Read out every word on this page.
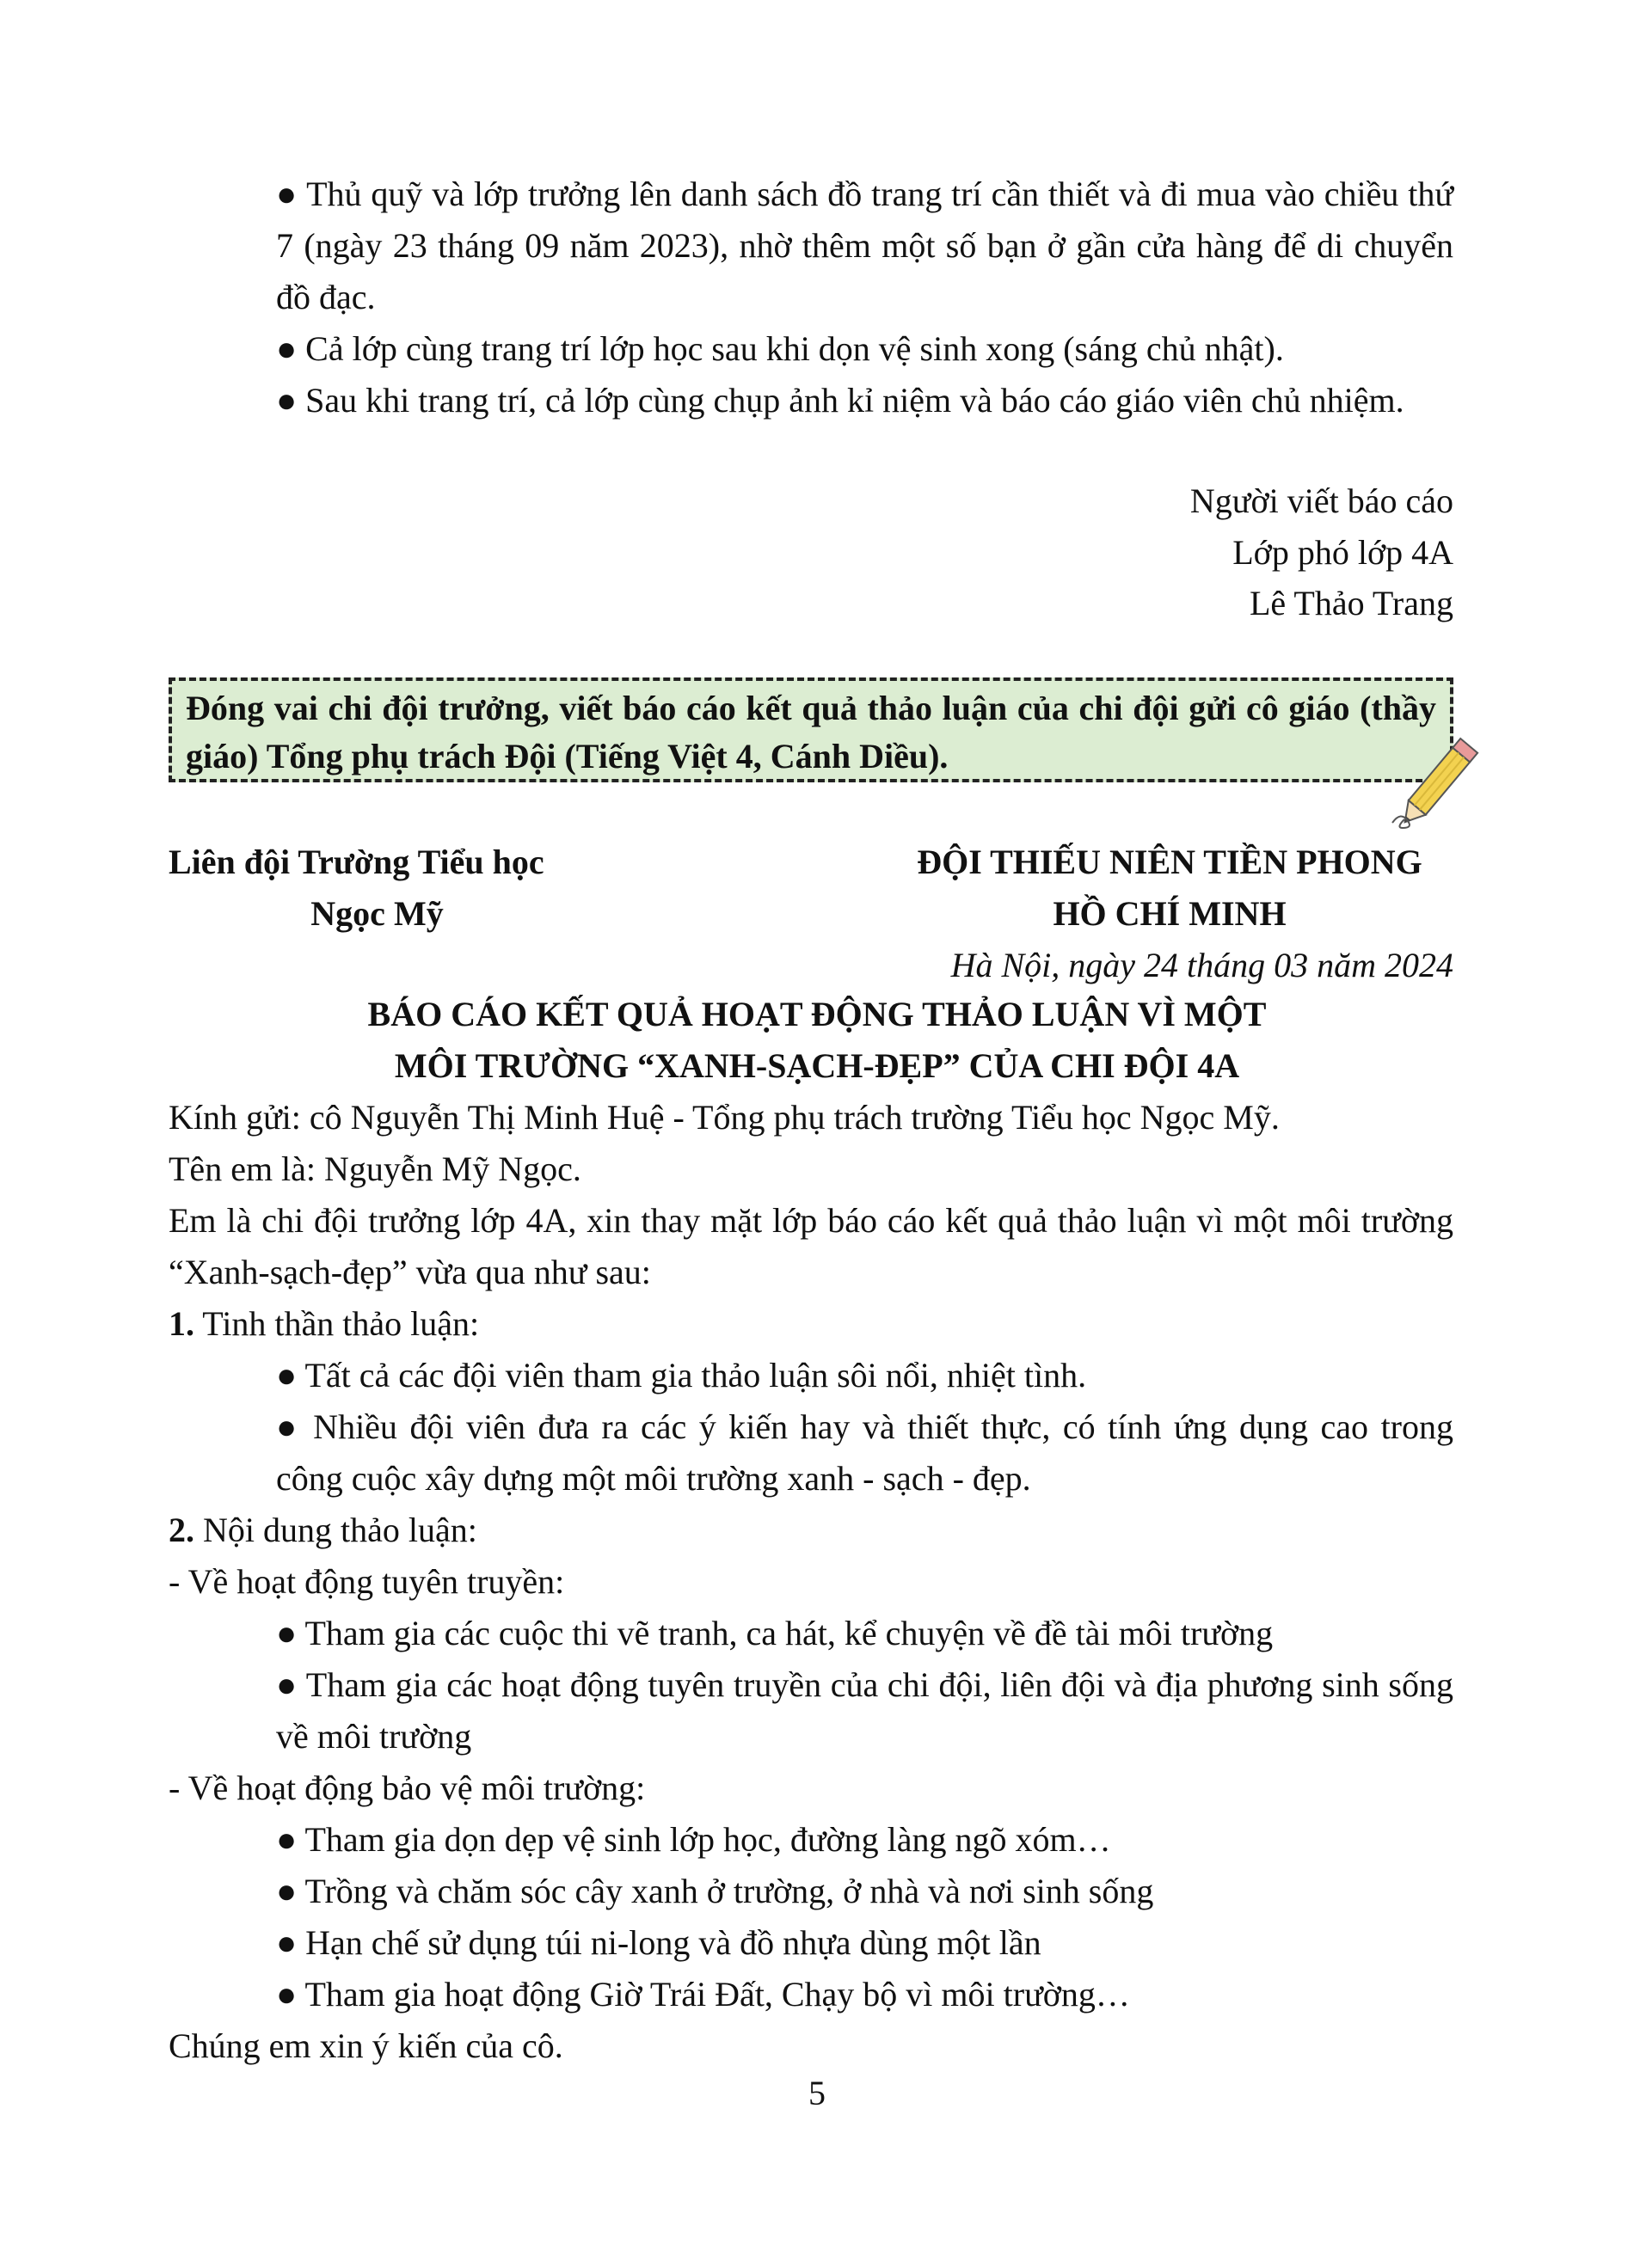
● Thủ quỹ và lớp trưởng lên danh sách đồ trang trí cần thiết và đi mua vào chiều thứ 7 (ngày 23 tháng 09 năm 2023), nhờ thêm một số bạn ở gần cửa hàng để di chuyển đồ đạc.
● Cả lớp cùng trang trí lớp học sau khi dọn vệ sinh xong (sáng chủ nhật).
● Sau khi trang trí, cả lớp cùng chụp ảnh kỉ niệm và báo cáo giáo viên chủ nhiệm.
Người viết báo cáo
Lớp phó lớp 4A
Lê Thảo Trang
Đóng vai chi đội trưởng, viết báo cáo kết quả thảo luận của chi đội gửi cô giáo (thầy giáo) Tổng phụ trách Đội (Tiếng Việt 4, Cánh Diều).
Liên đội Trường Tiểu học
Ngọc Mỹ
ĐỘI THIẾU NIÊN TIỀN PHONG
HỒ CHÍ MINH
Hà Nội, ngày 24 tháng 03 năm 2024
BÁO CÁO KẾT QUẢ HOẠT ĐỘNG THẢO LUẬN VÌ MỘT
MÔI TRƯỜNG “XANH-SẠCH-ĐẸP” CỦA CHI ĐỘI 4A
Kính gửi: cô Nguyễn Thị Minh Huệ - Tổng phụ trách trường Tiểu học Ngọc Mỹ.
Tên em là: Nguyễn Mỹ Ngọc.
Em là chi đội trưởng lớp 4A, xin thay mặt lớp báo cáo kết quả thảo luận vì một môi trường “Xanh-sạch-đẹp” vừa qua như sau:
1. Tinh thần thảo luận:
● Tất cả các đội viên tham gia thảo luận sôi nổi, nhiệt tình.
● Nhiều đội viên đưa ra các ý kiến hay và thiết thực, có tính ứng dụng cao trong công cuộc xây dựng một môi trường xanh - sạch - đẹp.
2. Nội dung thảo luận:
- Về hoạt động tuyên truyền:
● Tham gia các cuộc thi vẽ tranh, ca hát, kể chuyện về đề tài môi trường
● Tham gia các hoạt động tuyên truyền của chi đội, liên đội và địa phương sinh sống về môi trường
- Về hoạt động bảo vệ môi trường:
● Tham gia dọn dẹp vệ sinh lớp học, đường làng ngõ xóm…
● Trồng và chăm sóc cây xanh ở trường, ở nhà và nơi sinh sống
● Hạn chế sử dụng túi ni-long và đồ nhựa dùng một lần
● Tham gia hoạt động Giờ Trái Đất, Chạy bộ vì môi trường…
Chúng em xin ý kiến của cô.
5
